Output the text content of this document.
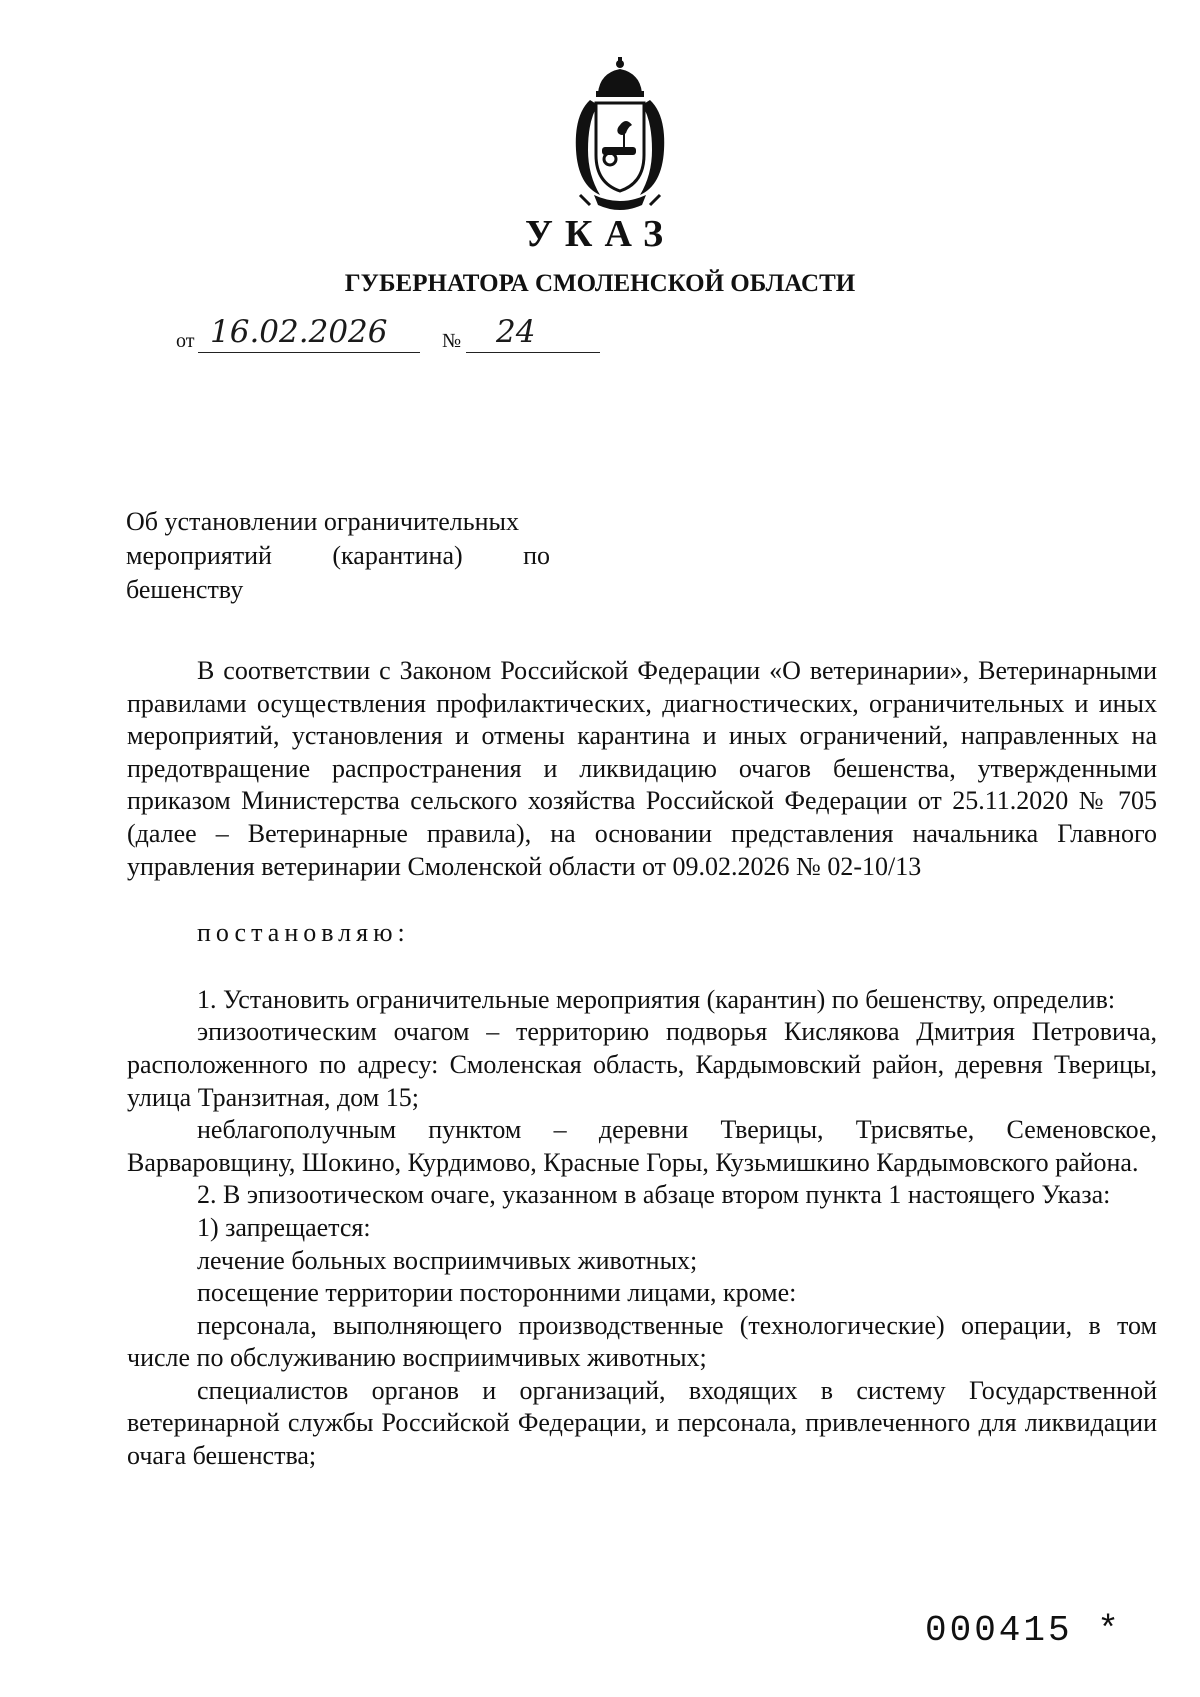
УКАЗ
ГУБЕРНАТОРА СМОЛЕНСКОЙ ОБЛАСТИ
от 16.02.2026	№ 24
Об установлении ограничительных
мероприятий (карантина) по
бешенству

В соответствии с Законом Российской Федерации «О ветеринарии», Ветеринарными правилами осуществления профилактических, диагностических, ограничительных и иных мероприятий, установления и отмены карантина и иных ограничений, направленных на предотвращение распространения и ликвидацию очагов бешенства, утвержденными приказом Министерства сельского хозяйства Российской Федерации от 25.11.2020 № 705 (далее – Ветеринарные правила), на основании представления начальника Главного управления ветеринарии Смоленской области от 09.02.2026 № 02-10/13

постановляю:

1. Установить ограничительные мероприятия (карантин) по бешенству, определив:

эпизоотическим очагом – территорию подворья Кислякова Дмитрия Петровича, расположенного по адресу: Смоленская область, Кардымовский район, деревня Тверицы, улица Транзитная, дом 15;

неблагополучным пунктом – деревни Тверицы, Трисвятье, Семеновское, Варваровщину, Шокино, Курдимово, Красные Горы, Кузьмишкино Кардымовского района.

2. В эпизоотическом очаге, указанном в абзаце втором пункта 1 настоящего Указа:

1) запрещается:

лечение больных восприимчивых животных;

посещение территории посторонними лицами, кроме:

персонала, выполняющего производственные (технологические) операции, в том числе по обслуживанию восприимчивых животных;

специалистов органов и организаций, входящих в систему Государственной ветеринарной службы Российской Федерации, и персонала, привлеченного для ликвидации очага бешенства;

000415 *
